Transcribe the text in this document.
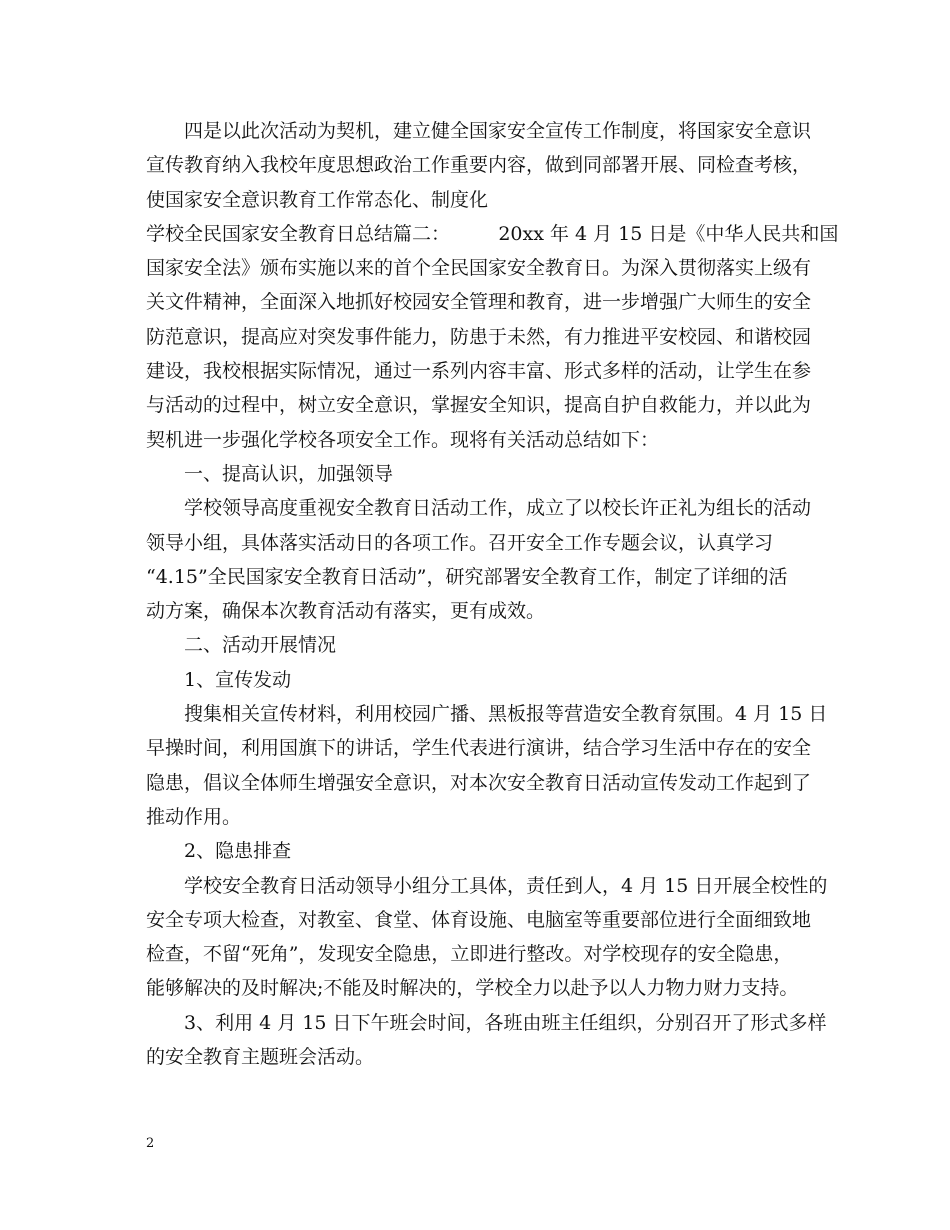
四是以此次活动为契机，建立健全国家安全宣传工作制度，将国家安全意识
宣传教育纳入我校年度思想政治工作重要内容，做到同部署开展、同检查考核，
使国家安全意识教育工作常态化、制度化
学校全民国家安全教育日总结篇二：        20xx 年 4 月 15 日是《中华人民共和国
国家安全法》颁布实施以来的首个全民国家安全教育日。为深入贯彻落实上级有
关文件精神，全面深入地抓好校园安全管理和教育，进一步增强广大师生的安全
防范意识，提高应对突发事件能力，防患于未然，有力推进平安校园、和谐校园
建设，我校根据实际情况，通过一系列内容丰富、形式多样的活动，让学生在参
与活动的过程中，树立安全意识，掌握安全知识，提高自护自救能力，并以此为
契机进一步强化学校各项安全工作。现将有关活动总结如下：
一、提高认识，加强领导
学校领导高度重视安全教育日活动工作，成立了以校长许正礼为组长的活动
领导小组，具体落实活动日的各项工作。召开安全工作专题会议，认真学习
“4.15”全民国家安全教育日活动”，研究部署安全教育工作，制定了详细的活
动方案，确保本次教育活动有落实，更有成效。
二、活动开展情况
1、宣传发动
搜集相关宣传材料，利用校园广播、黑板报等营造安全教育氛围。4 月 15 日
早操时间，利用国旗下的讲话，学生代表进行演讲，结合学习生活中存在的安全
隐患，倡议全体师生增强安全意识，对本次安全教育日活动宣传发动工作起到了
推动作用。
2、隐患排查
学校安全教育日活动领导小组分工具体，责任到人，4 月 15 日开展全校性的
安全专项大检查，对教室、食堂、体育设施、电脑室等重要部位进行全面细致地
检查，不留“死角”，发现安全隐患，立即进行整改。对学校现存的安全隐患，
能够解决的及时解决;不能及时解决的，学校全力以赴予以人力物力财力支持。
3、利用 4 月 15 日下午班会时间，各班由班主任组织，分别召开了形式多样
的安全教育主题班会活动。
2
